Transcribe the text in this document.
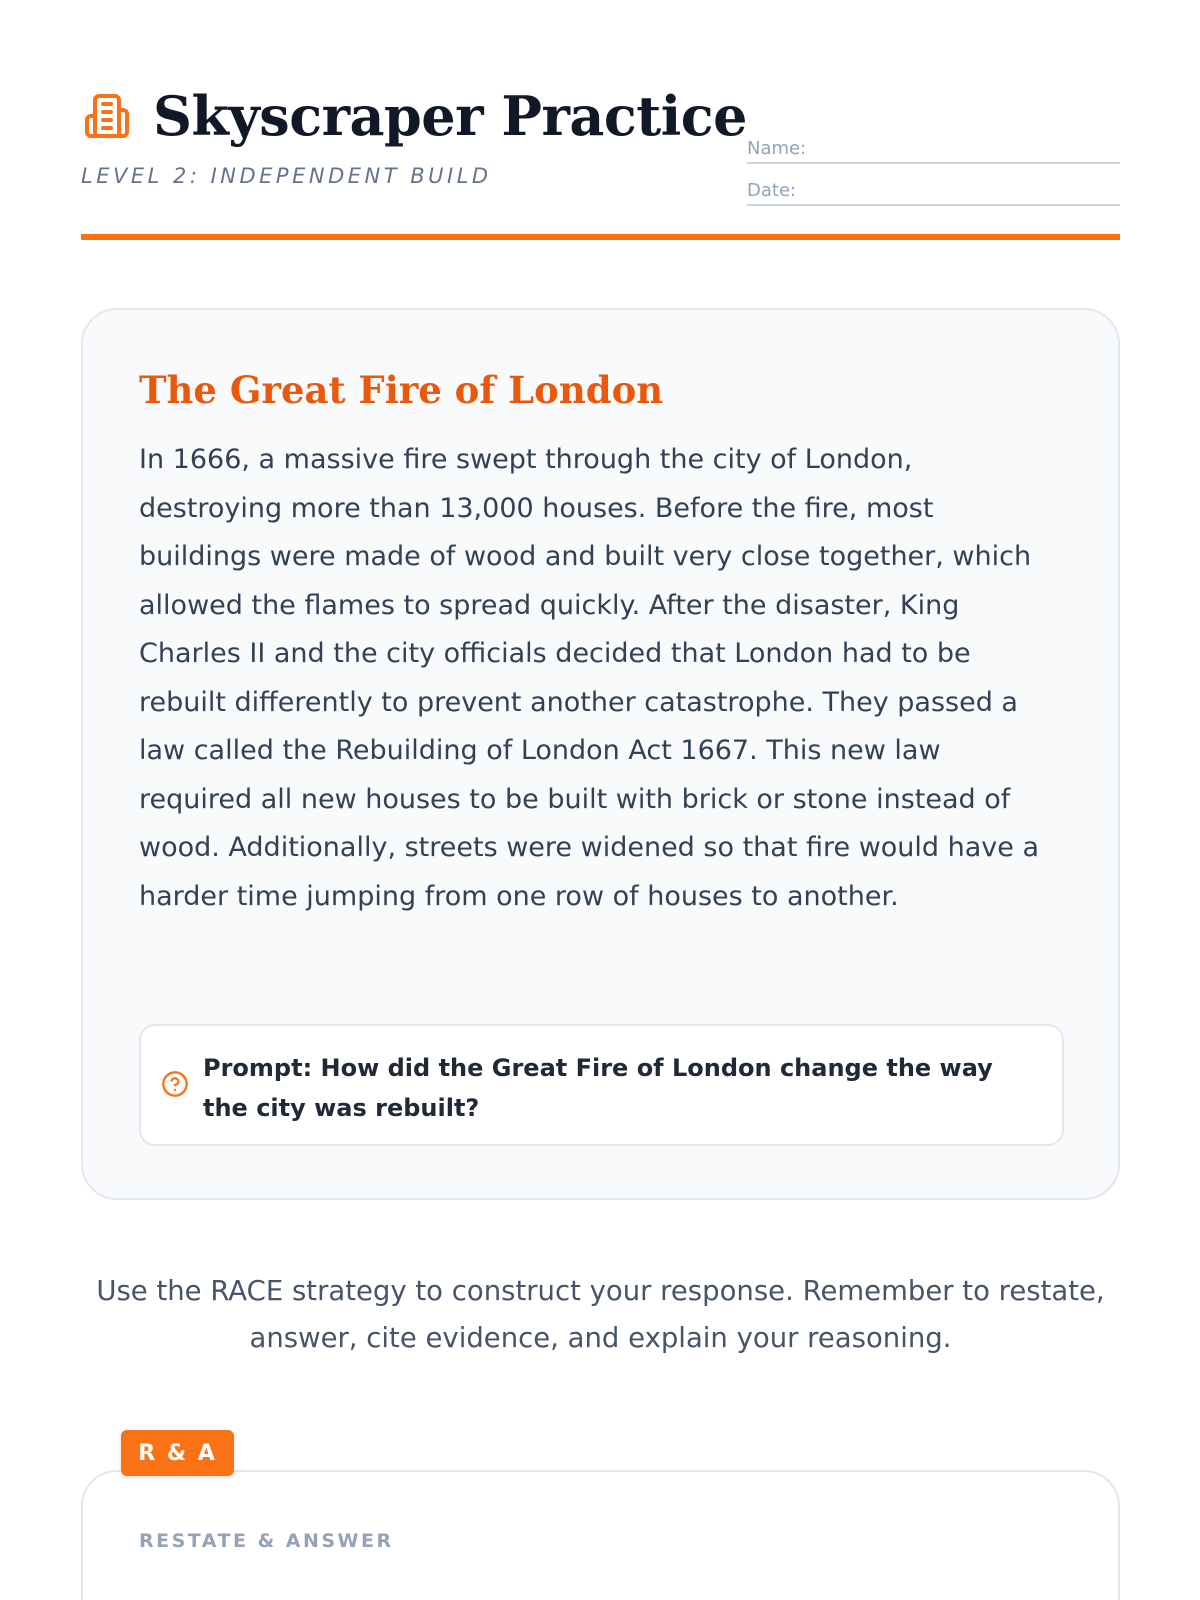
Skyscraper Practice
LEVEL 2: INDEPENDENT BUILD
Name:
Date:
The Great Fire of London

In 1666, a massive fire swept through the city of London, destroying more than 13,000 houses. Before the fire, most buildings were made of wood and built very close together, which allowed the flames to spread quickly. After the disaster, King Charles II and the city officials decided that London had to be rebuilt differently to prevent another catastrophe. They passed a law called the Rebuilding of London Act 1667. This new law required all new houses to be built with brick or stone instead of wood. Additionally, streets were widened so that fire would have a harder time jumping from one row of houses to another.

Prompt: How did the Great Fire of London change the way the city was rebuilt?
Use the RACE strategy to construct your response. Remember to restate, answer, cite evidence, and explain your reasoning.
R & A
RESTATE & ANSWER
